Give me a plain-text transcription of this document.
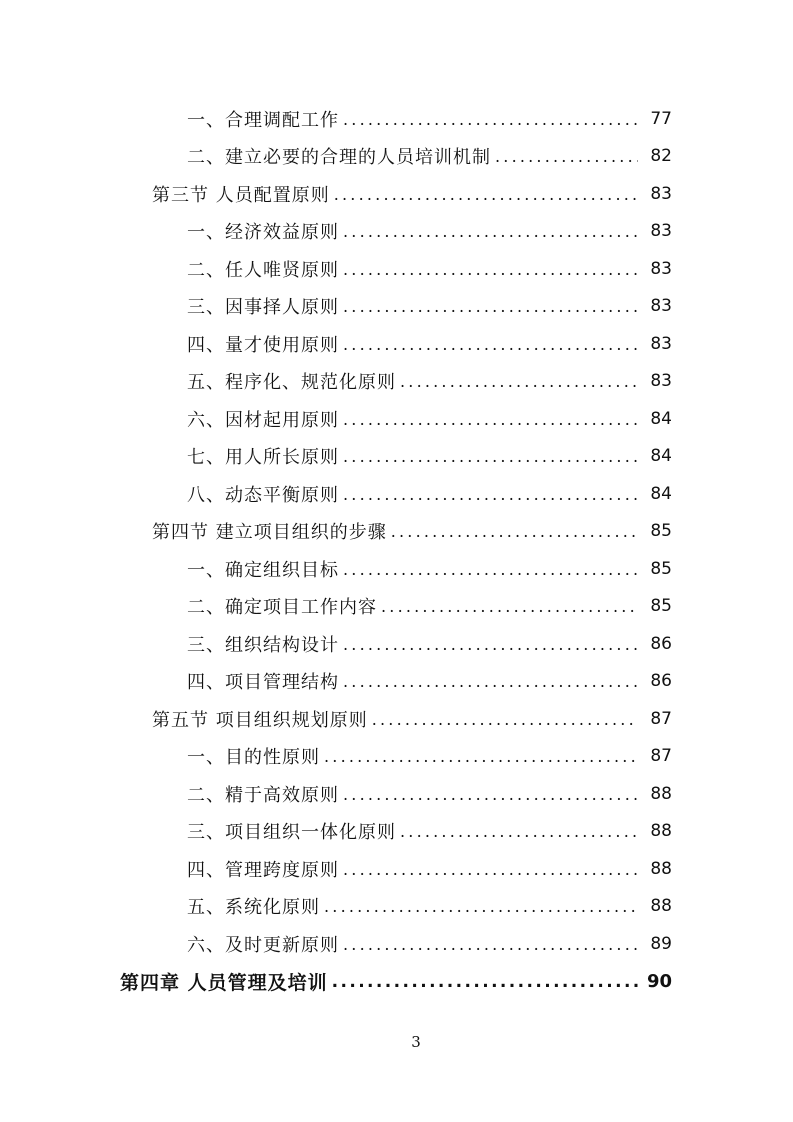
一、合理调配工作 .....	77
二、建立必要的合理的人员培训机制 .....	82
第三节 人员配置原则 .....	83
一、经济效益原则 .....	83
二、任人唯贤原则 .....	83
三、因事择人原则 .....	83
四、量才使用原则 .....	83
五、程序化、规范化原则 .....	83
六、因材起用原则 .....	84
七、用人所长原则 .....	84
八、动态平衡原则 .....	84
第四节 建立项目组织的步骤 .....	85
一、确定组织目标 .....	85
二、确定项目工作内容 .....	85
三、组织结构设计 .....	86
四、项目管理结构 .....	86
第五节 项目组织规划原则 .....	87
一、目的性原则 .....	87
二、精于高效原则 .....	88
三、项目组织一体化原则 .....	88
四、管理跨度原则 .....	88
五、系统化原则 .....	88
六、及时更新原则 .....	89
第四章 人员管理及培训 .....	90
3
